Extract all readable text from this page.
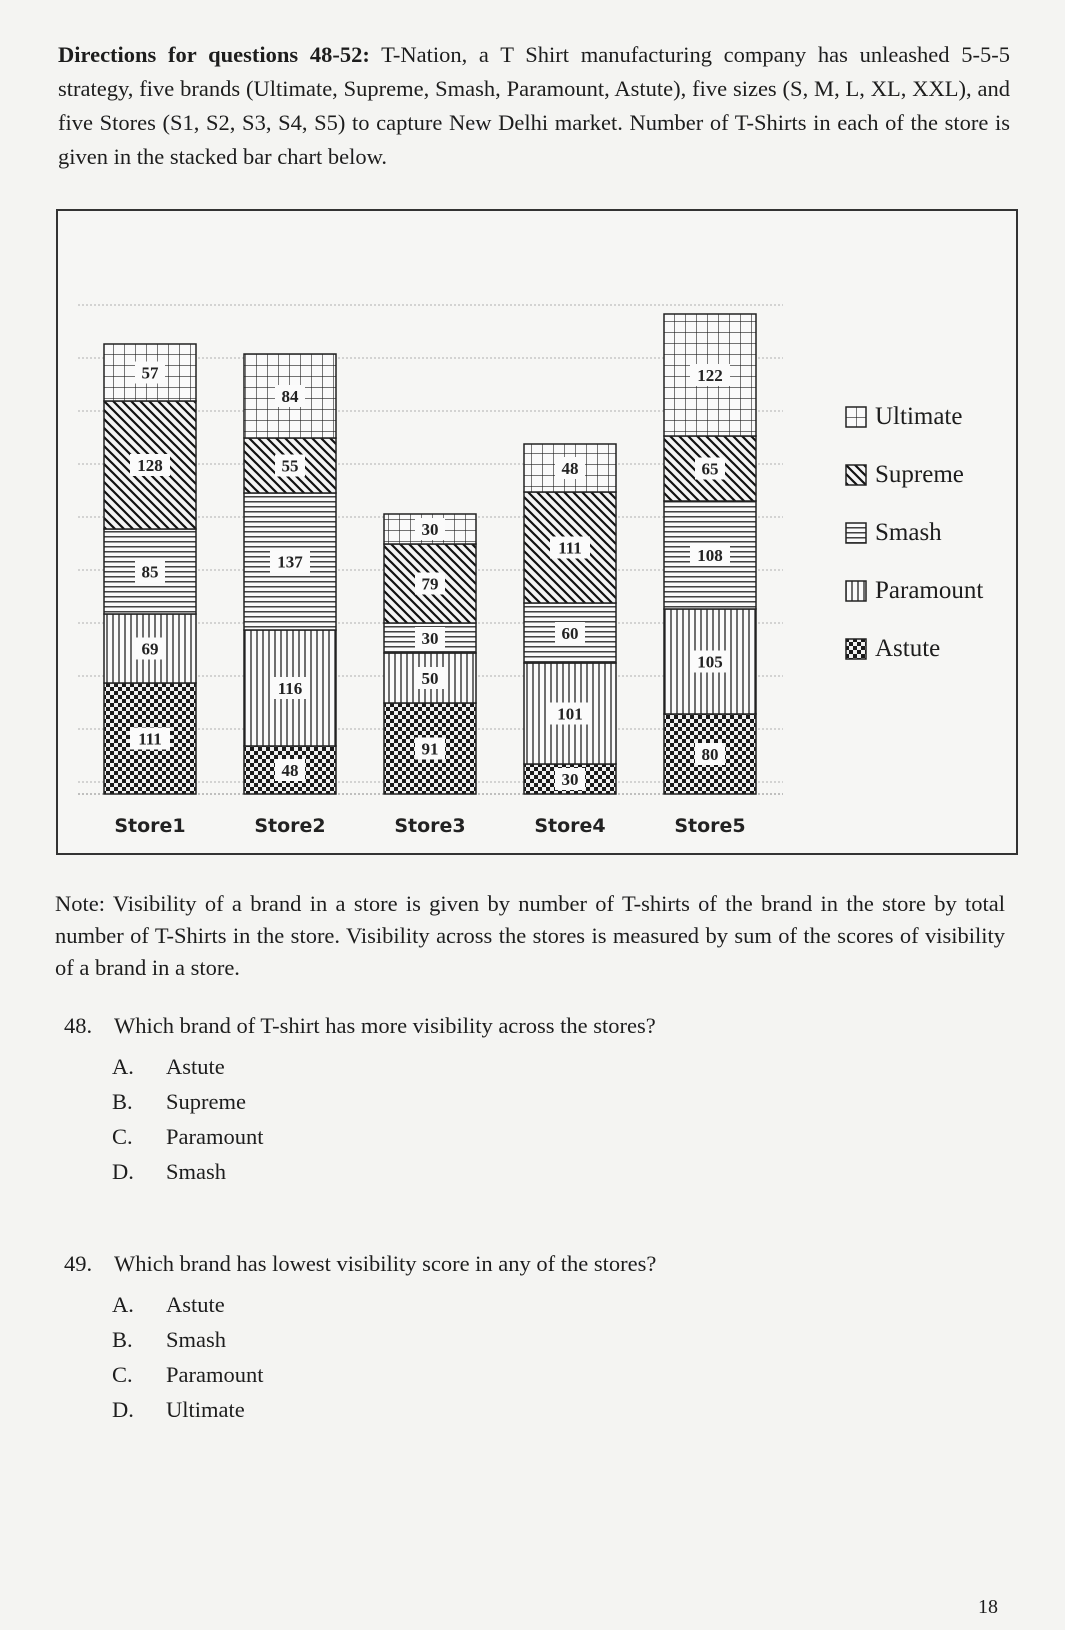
Directions for questions 48-52: T-Nation, a T Shirt manufacturing company has unleashed 5-5-5 strategy, five brands (Ultimate, Supreme, Smash, Paramount, Astute), five sizes (S, M, L, XL, XXL), and five Stores (S1, S2, S3, S4, S5) to capture New Delhi market. Number of T-Shirts in each of the store is given in the stacked bar chart below.
111
69
85
128
57
Store1
48
116
137
55
84
Store2
91
50
30
79
30
Store3
30
101
60
111
48
Store4
80
105
108
65
122
Store5
Ultimate
Supreme
Smash
Paramount
Astute
Note: Visibility of a brand in a store is given by number of T-shirts of the brand in the store by total number of T-Shirts in the store. Visibility across the stores is measured by sum of the scores of visibility of a brand in a store.
48. Which brand of T-shirt has more visibility across the stores?
A.	Astute
B.	Supreme
C.	Paramount
D.	Smash
49. Which brand has lowest visibility score in any of the stores?
A.	Astute
B.	Smash
C.	Paramount
D.	Ultimate
18
